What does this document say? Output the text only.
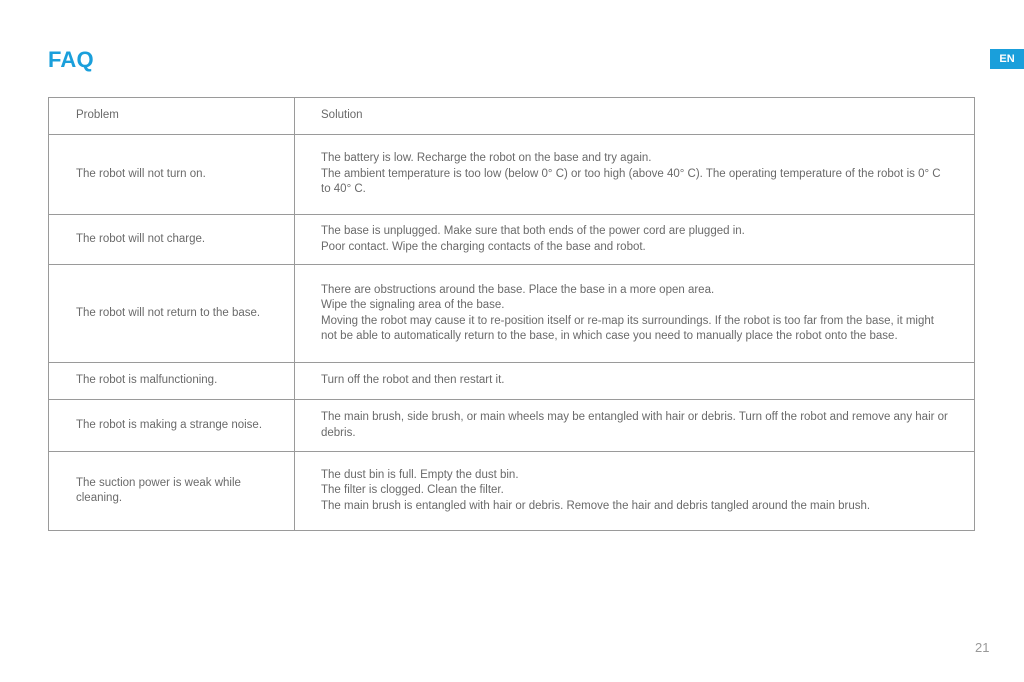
FAQ	EN
Problem	Solution
The robot will not turn on.	The battery is low. Recharge the robot on the base and try again.
The ambient temperature is too low (below 0° C) or too high (above 40° C). The operating temperature of the robot is 0° C to 40° C.

The robot will not charge.	The base is unplugged. Make sure that both ends of the power cord are plugged in.
Poor contact. Wipe the charging contacts of the base and robot.

The robot will not return to the base.	There are obstructions around the base. Place the base in a more open area.
Wipe the signaling area of the base.
Moving the robot may cause it to re-position itself or re-map its surroundings. If the robot is too far from the base, it might not be able to automatically return to the base, in which case you need to manually place the robot onto the base.

The robot is malfunctioning.	Turn off the robot and then restart it.

The robot is making a strange noise.	The main brush, side brush, or main wheels may be entangled with hair or debris. Turn off the robot and remove any hair or debris.

The suction power is weak while cleaning.	The dust bin is full. Empty the dust bin.
The filter is clogged. Clean the filter.
The main brush is entangled with hair or debris. Remove the hair and debris tangled around the main brush.
21
